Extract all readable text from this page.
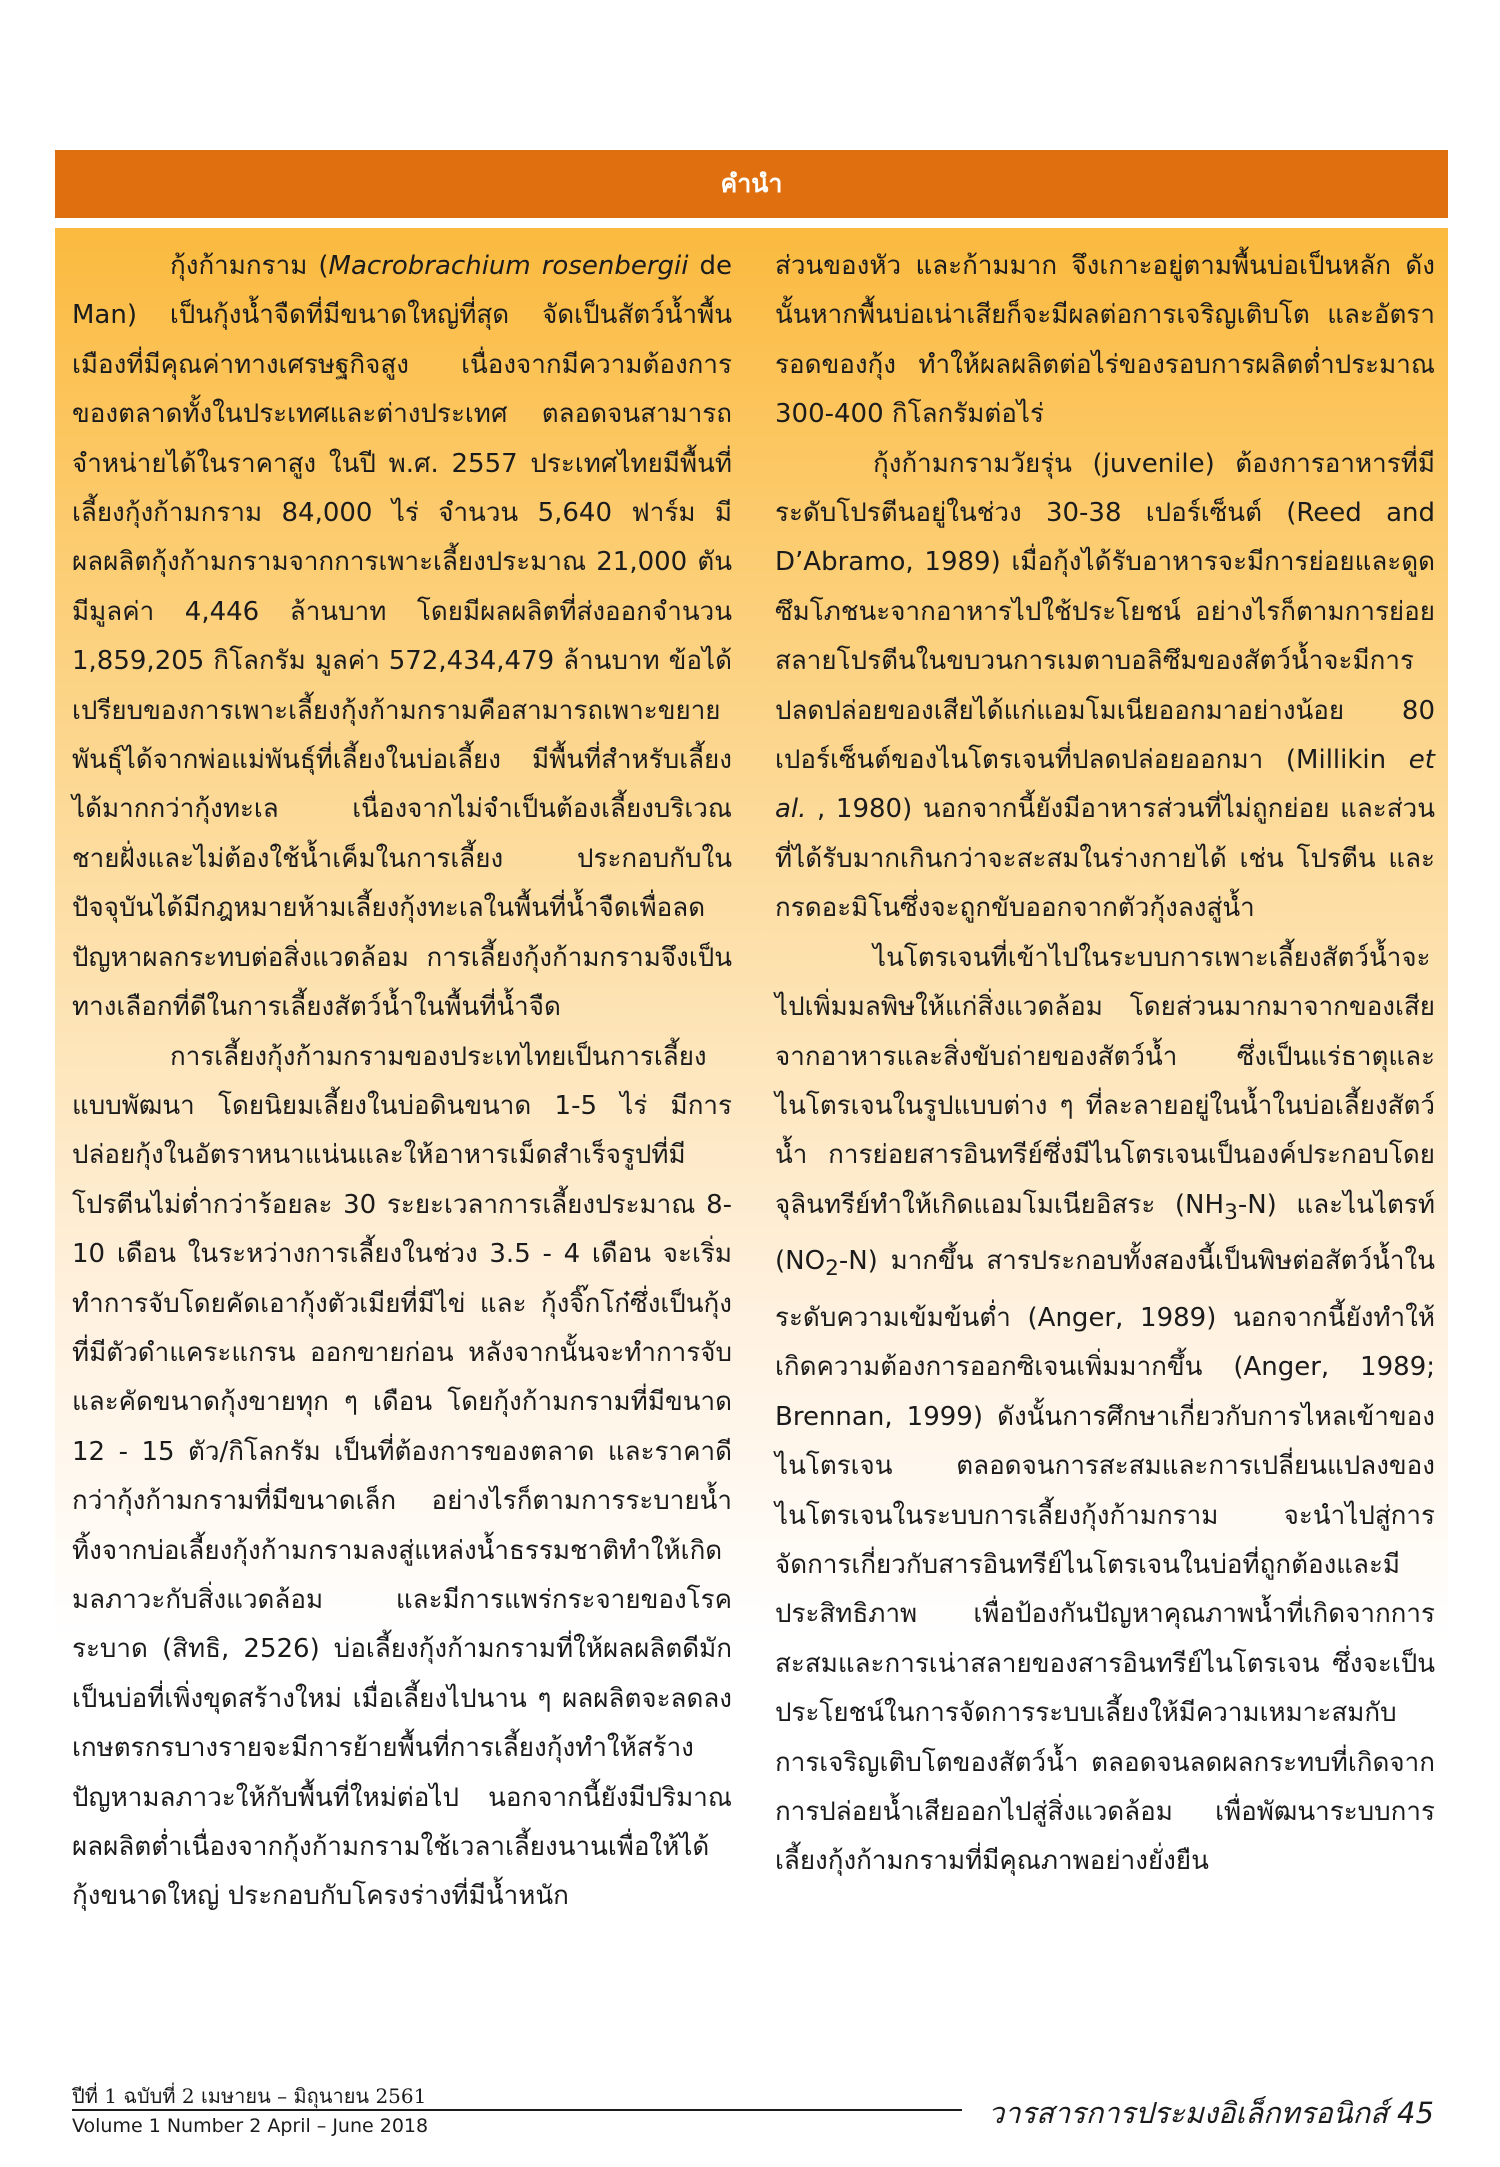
คำนำ

กุ้งก้ามกราม (Macrobrachium rosenbergii de Man) เป็นกุ้งน้ำจืดที่มีขนาดใหญ่ที่สุด จัดเป็นสัตว์น้ำพื้นเมืองที่มีคุณค่าทางเศรษฐกิจสูง เนื่องจากมีความต้องการของตลาดทั้งในประเทศและต่างประเทศ ตลอดจนสามารถจำหน่ายได้ในราคาสูง ในปี พ.ศ. 2557 ประเทศไทยมีพื้นที่เลี้ยงกุ้งก้ามกราม 84,000 ไร่ จำนวน 5,640 ฟาร์ม มีผลผลิตกุ้งก้ามกรามจากการเพาะเลี้ยงประมาณ 21,000 ตัน มีมูลค่า 4,446 ล้านบาท โดยมีผลผลิตที่ส่งออกจำนวน 1,859,205 กิโลกรัม มูลค่า 572,434,479 ล้านบาท ข้อได้เปรียบของการเพาะเลี้ยงกุ้งก้ามกรามคือสามารถเพาะขยายพันธุ์ได้จากพ่อแม่พันธุ์ที่เลี้ยงในบ่อเลี้ยง มีพื้นที่สำหรับเลี้ยงได้มากกว่ากุ้งทะเล เนื่องจากไม่จำเป็นต้องเลี้ยงบริเวณชายฝั่งและไม่ต้องใช้น้ำเค็มในการเลี้ยง ประกอบกับในปัจจุบันได้มีกฎหมายห้ามเลี้ยงกุ้งทะเลในพื้นที่น้ำจืดเพื่อลดปัญหาผลกระทบต่อสิ่งแวดล้อม การเลี้ยงกุ้งก้ามกรามจึงเป็นทางเลือกที่ดีในการเลี้ยงสัตว์น้ำในพื้นที่น้ำจืด

การเลี้ยงกุ้งก้ามกรามของประเทไทยเป็นการเลี้ยงแบบพัฒนา โดยนิยมเลี้ยงในบ่อดินขนาด 1-5 ไร่ มีการปล่อยกุ้งในอัตราหนาแน่นและให้อาหารเม็ดสำเร็จรูปที่มีโปรตีนไม่ต่ำกว่าร้อยละ 30 ระยะเวลาการเลี้ยงประมาณ 8-10 เดือน ในระหว่างการเลี้ยงในช่วง 3.5 - 4 เดือน จะเริ่มทำการจับโดยคัดเอากุ้งตัวเมียที่มีไข่ และ กุ้งจิ๊กโก๋ซึ่งเป็นกุ้งที่มีตัวดำแคระแกรน ออกขายก่อน หลังจากนั้นจะทำการจับและคัดขนาดกุ้งขายทุก ๆ เดือน โดยกุ้งก้ามกรามที่มีขนาด 12 - 15 ตัว/กิโลกรัม เป็นที่ต้องการของตลาด และราคาดีกว่ากุ้งก้ามกรามที่มีขนาดเล็ก อย่างไรก็ตามการระบายน้ำทิ้งจากบ่อเลี้ยงกุ้งก้ามกรามลงสู่แหล่งน้ำธรรมชาติทำให้เกิดมลภาวะกับสิ่งแวดล้อม และมีการแพร่กระจายของโรคระบาด (สิทธิ, 2526) บ่อเลี้ยงกุ้งก้ามกรามที่ให้ผลผลิตดีมักเป็นบ่อที่เพิ่งขุดสร้างใหม่ เมื่อเลี้ยงไปนาน ๆ ผลผลิตจะลดลง เกษตรกรบางรายจะมีการย้ายพื้นที่การเลี้ยงกุ้งทำให้สร้างปัญหามลภาวะให้กับพื้นที่ใหม่ต่อไป นอกจากนี้ยังมีปริมาณผลผลิตต่ำเนื่องจากกุ้งก้ามกรามใช้เวลาเลี้ยงนานเพื่อให้ได้กุ้งขนาดใหญ่ ประกอบกับโครงร่างที่มีน้ำหนัก

ส่วนของหัว และก้ามมาก จึงเกาะอยู่ตามพื้นบ่อเป็นหลัก ดังนั้นหากพื้นบ่อเน่าเสียก็จะมีผลต่อการเจริญเติบโต และอัตรารอดของกุ้ง ทำให้ผลผลิตต่อไร่ของรอบการผลิตต่ำประมาณ 300-400 กิโลกรัมต่อไร่

กุ้งก้ามกรามวัยรุ่น (juvenile) ต้องการอาหารที่มีระดับโปรตีนอยู่ในช่วง 30-38 เปอร์เซ็นต์ (Reed and D’Abramo, 1989) เมื่อกุ้งได้รับอาหารจะมีการย่อยและดูดซึมโภชนะจากอาหารไปใช้ประโยชน์ อย่างไรก็ตามการย่อยสลายโปรตีนในขบวนการเมตาบอลิซึมของสัตว์น้ำจะมีการปลดปล่อยของเสียได้แก่แอมโมเนียออกมาอย่างน้อย 80 เปอร์เซ็นต์ของไนโตรเจนที่ปลดปล่อยออกมา (Millikin et al. , 1980) นอกจากนี้ยังมีอาหารส่วนที่ไม่ถูกย่อย และส่วนที่ได้รับมากเกินกว่าจะสะสมในร่างกายได้ เช่น โปรตีน และกรดอะมิโนซึ่งจะถูกขับออกจากตัวกุ้งลงสู่น้ำ

ไนโตรเจนที่เข้าไปในระบบการเพาะเลี้ยงสัตว์น้ำจะไปเพิ่มมลพิษให้แก่สิ่งแวดล้อม โดยส่วนมากมาจากของเสียจากอาหารและสิ่งขับถ่ายของสัตว์น้ำ ซึ่งเป็นแร่ธาตุและไนโตรเจนในรูปแบบต่าง ๆ ที่ละลายอยู่ในน้ำในบ่อเลี้ยงสัตว์น้ำ การย่อยสารอินทรีย์ซึ่งมีไนโตรเจนเป็นองค์ประกอบโดยจุลินทรีย์ทำให้เกิดแอมโมเนียอิสระ $(NH_3-N)$ และไนไตรท์ $(NO_2-N)$ มากขึ้น สารประกอบทั้งสองนี้เป็นพิษต่อสัตว์น้ำในระดับความเข้มข้นต่ำ (Anger, 1989) นอกจากนี้ยังทำให้เกิดความต้องการออกซิเจนเพิ่มมากขึ้น (Anger, 1989; Brennan, 1999) ดังนั้นการศึกษาเกี่ยวกับการไหลเข้าของไนโตรเจน ตลอดจนการสะสมและการเปลี่ยนแปลงของไนโตรเจนในระบบการเลี้ยงกุ้งก้ามกราม จะนำไปสู่การจัดการเกี่ยวกับสารอินทรีย์ไนโตรเจนในบ่อที่ถูกต้องและมีประสิทธิภาพ เพื่อป้องกันปัญหาคุณภาพน้ำที่เกิดจากการสะสมและการเน่าสลายของสารอินทรีย์ไนโตรเจน ซึ่งจะเป็นประโยชน์ในการจัดการระบบเลี้ยงให้มีความเหมาะสมกับการเจริญเติบโตของสัตว์น้ำ ตลอดจนลดผลกระทบที่เกิดจากการปล่อยน้ำเสียออกไปสู่สิ่งแวดล้อม เพื่อพัฒนาระบบการเลี้ยงกุ้งก้ามกรามที่มีคุณภาพอย่างยั่งยืน

ปีที่ 1 ฉบับที่ 2 เมษายน – มิถุนายน 2561
Volume 1 Number 2 April – June 2018	วารสารการประมงอิเล็กทรอนิกส์ 45
